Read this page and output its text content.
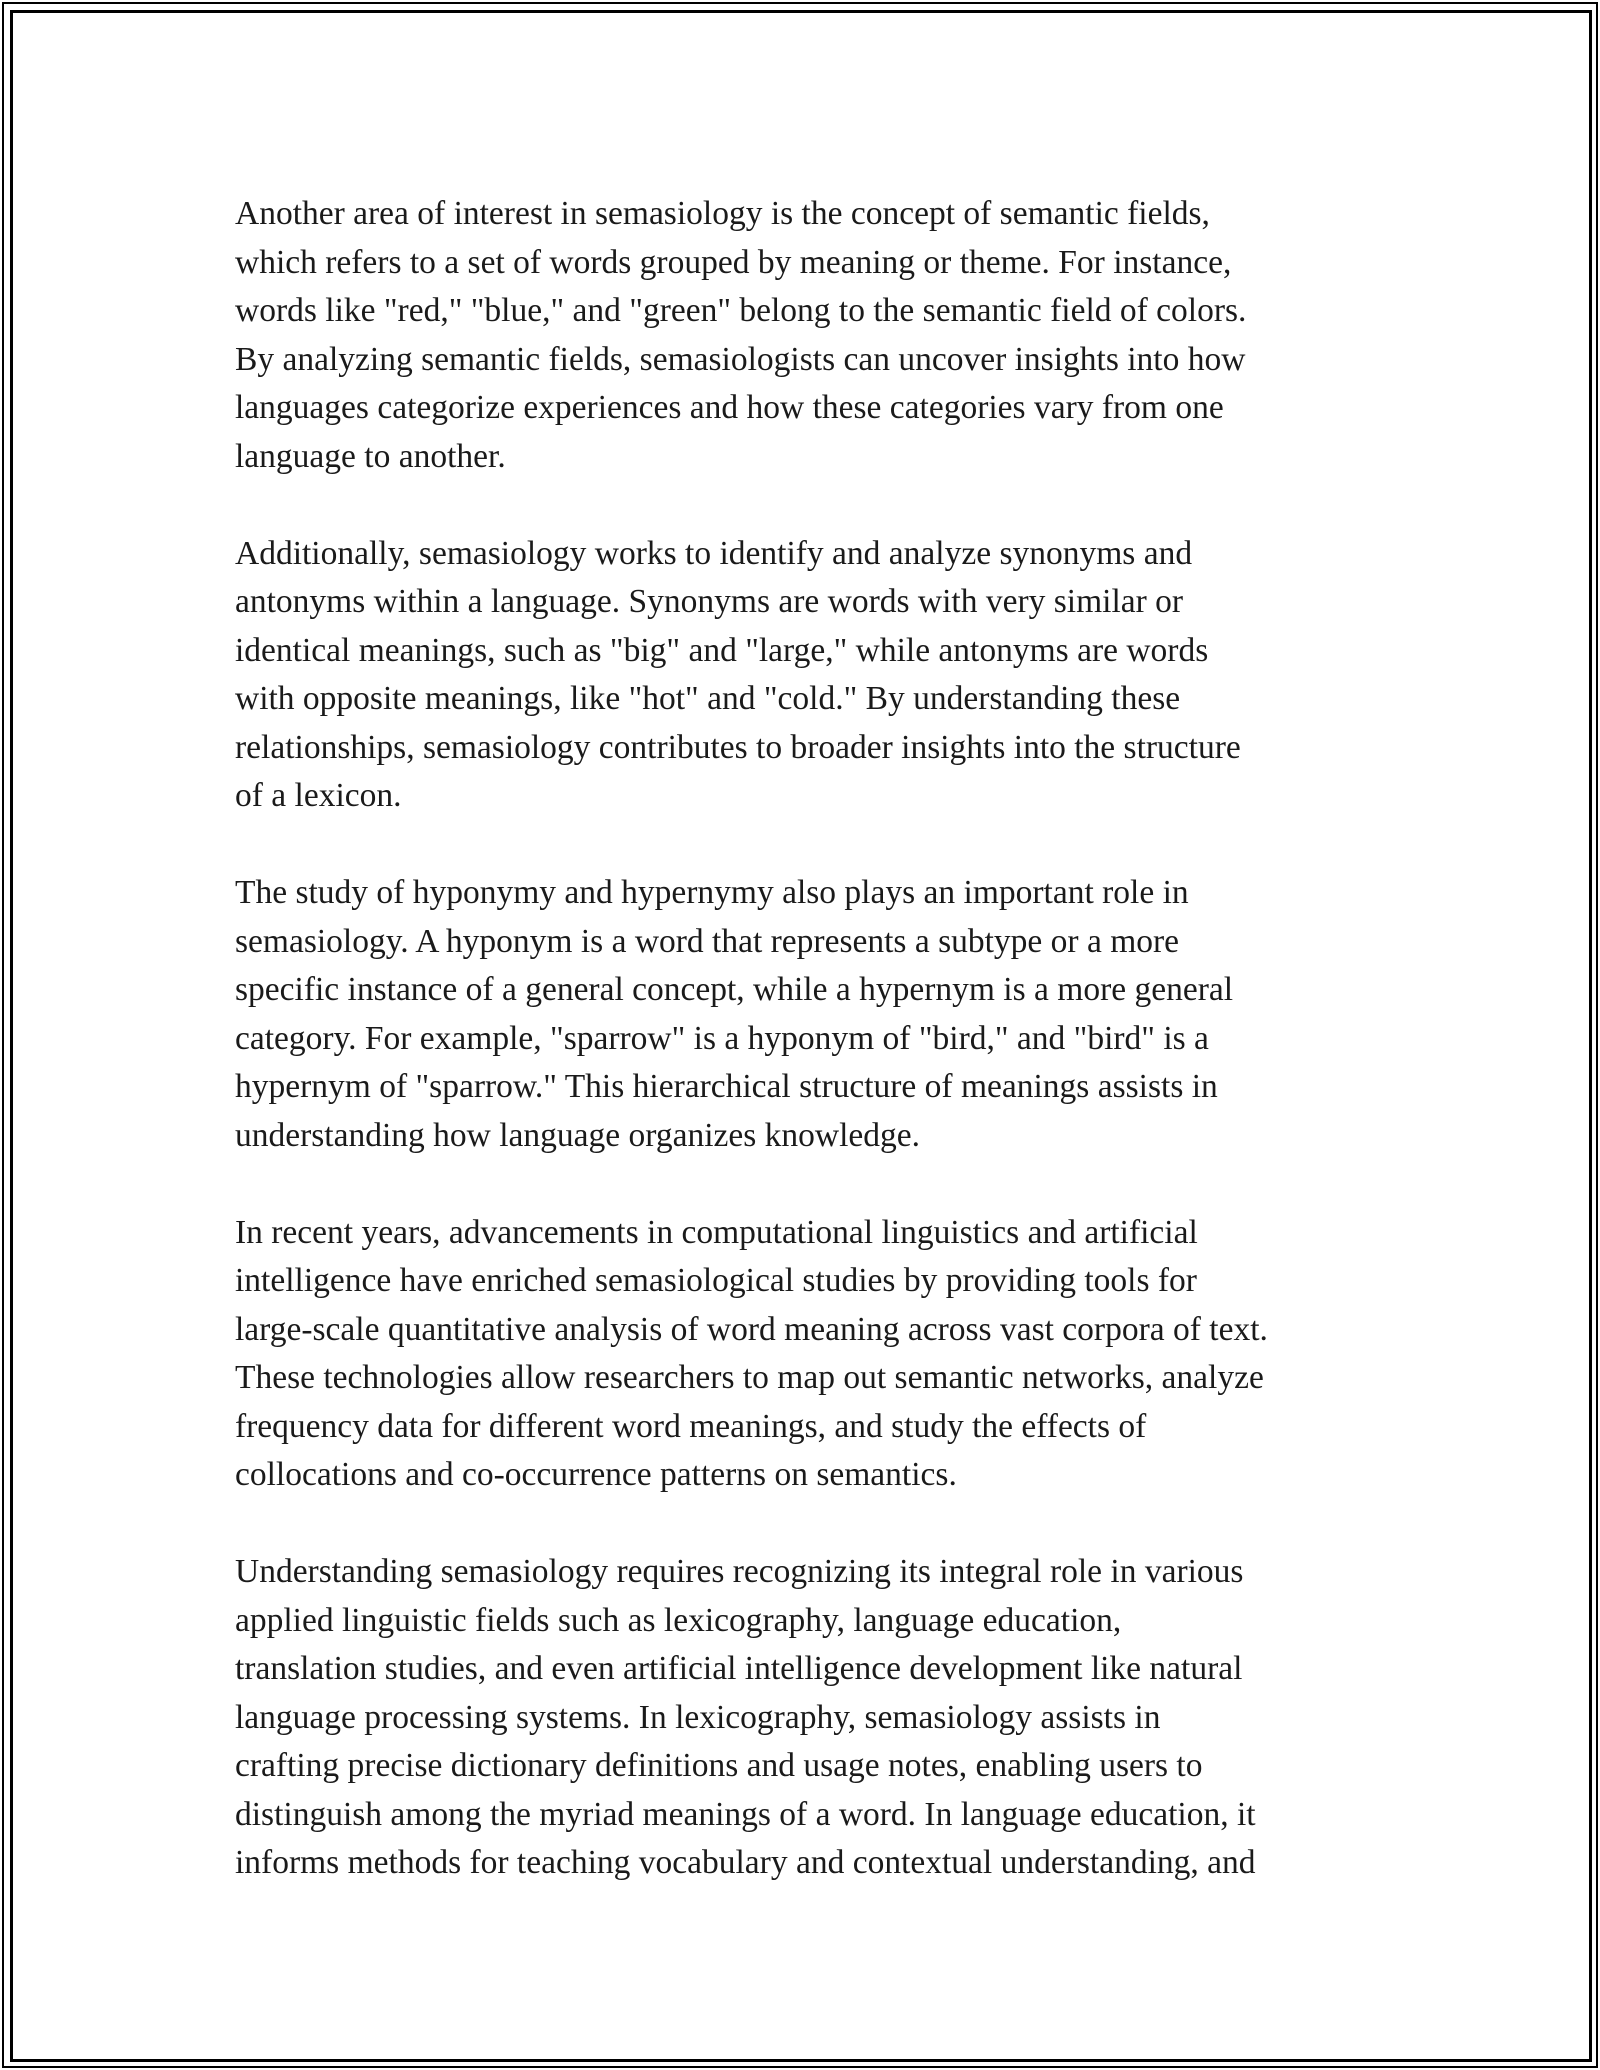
Another area of interest in semasiology is the concept of semantic fields,
which refers to a set of words grouped by meaning or theme. For instance,
words like "red," "blue," and "green" belong to the semantic field of colors.
By analyzing semantic fields, semasiologists can uncover insights into how
languages categorize experiences and how these categories vary from one
language to another.

Additionally, semasiology works to identify and analyze synonyms and
antonyms within a language. Synonyms are words with very similar or
identical meanings, such as "big" and "large," while antonyms are words
with opposite meanings, like "hot" and "cold." By understanding these
relationships, semasiology contributes to broader insights into the structure
of a lexicon.

The study of hyponymy and hypernymy also plays an important role in
semasiology. A hyponym is a word that represents a subtype or a more
specific instance of a general concept, while a hypernym is a more general
category. For example, "sparrow" is a hyponym of "bird," and "bird" is a
hypernym of "sparrow." This hierarchical structure of meanings assists in
understanding how language organizes knowledge.

In recent years, advancements in computational linguistics and artificial
intelligence have enriched semasiological studies by providing tools for
large-scale quantitative analysis of word meaning across vast corpora of text.
These technologies allow researchers to map out semantic networks, analyze
frequency data for different word meanings, and study the effects of
collocations and co-occurrence patterns on semantics.

Understanding semasiology requires recognizing its integral role in various
applied linguistic fields such as lexicography, language education,
translation studies, and even artificial intelligence development like natural
language processing systems. In lexicography, semasiology assists in
crafting precise dictionary definitions and usage notes, enabling users to
distinguish among the myriad meanings of a word. In language education, it
informs methods for teaching vocabulary and contextual understanding, and
